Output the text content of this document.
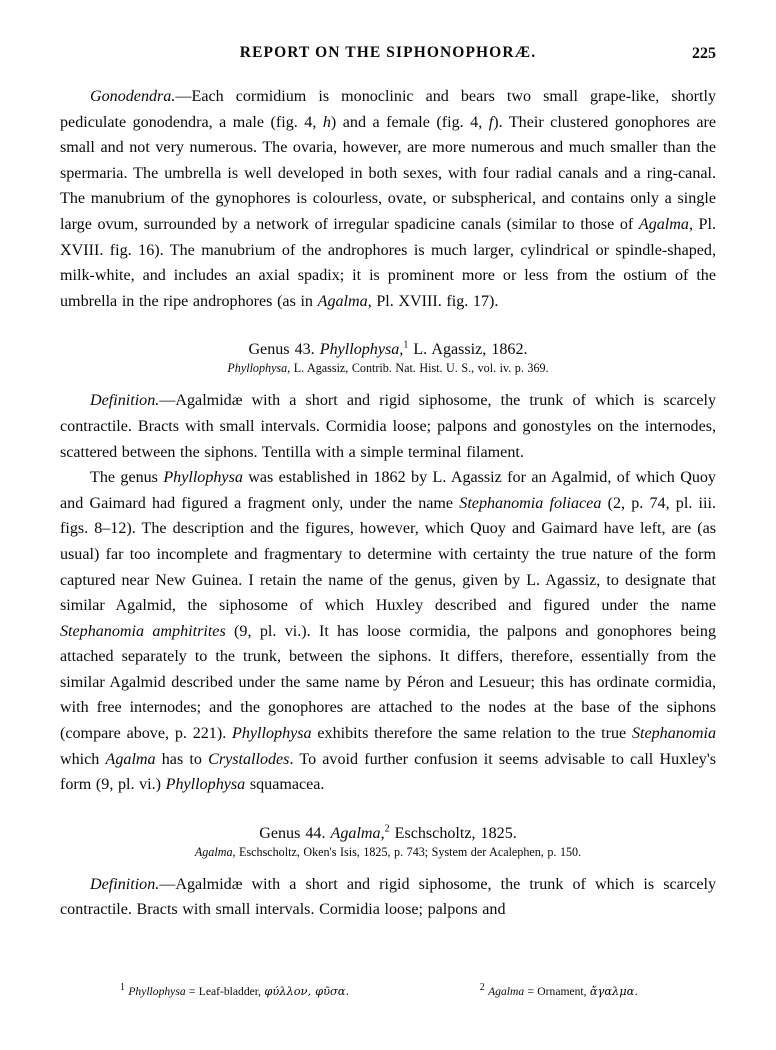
REPORT ON THE SIPHONOPHORÆ.	225

Gonodendra.—Each cormidium is monoclinic and bears two small grape-like, shortly pediculate gonodendra, a male (fig. 4, h) and a female (fig. 4, f). Their clustered gonophores are small and not very numerous. The ovaria, however, are more numerous and much smaller than the spermaria. The umbrella is well developed in both sexes, with four radial canals and a ring-canal. The manubrium of the gynophores is colourless, ovate, or subspherical, and contains only a single large ovum, surrounded by a network of irregular spadicine canals (similar to those of Agalma, Pl. XVIII. fig. 16). The manubrium of the androphores is much larger, cylindrical or spindle-shaped, milk-white, and includes an axial spadix; it is prominent more or less from the ostium of the umbrella in the ripe androphores (as in Agalma, Pl. XVIII. fig. 17).

Genus 43. Phyllophysa,$^1$ L. Agassiz, 1862.
Phyllophysa, L. Agassiz, Contrib. Nat. Hist. U. S., vol. iv. p. 369.

Definition.—Agalmidæ with a short and rigid siphosome, the trunk of which is scarcely contractile. Bracts with small intervals. Cormidia loose; palpons and gonostyles on the internodes, scattered between the siphons. Tentilla with a simple terminal filament.

The genus Phyllophysa was established in 1862 by L. Agassiz for an Agalmid, of which Quoy and Gaimard had figured a fragment only, under the name Stephanomia foliacea (2, p. 74, pl. iii. figs. 8–12). The description and the figures, however, which Quoy and Gaimard have left, are (as usual) far too incomplete and fragmentary to determine with certainty the true nature of the form captured near New Guinea. I retain the name of the genus, given by L. Agassiz, to designate that similar Agalmid, the siphosome of which Huxley described and figured under the name Stephanomia amphitrites (9, pl. vi.). It has loose cormidia, the palpons and gonophores being attached separately to the trunk, between the siphons. It differs, therefore, essentially from the similar Agalmid described under the same name by Péron and Lesueur; this has ordinate cormidia, with free internodes; and the gonophores are attached to the nodes at the base of the siphons (compare above, p. 221). Phyllophysa exhibits therefore the same relation to the true Stephanomia which Agalma has to Crystallodes. To avoid further confusion it seems advisable to call Huxley's form (9, pl. vi.) Phyllophysa squamacea.

Genus 44. Agalma,$^2$ Eschscholtz, 1825.
Agalma, Eschscholtz, Oken's Isis, 1825, p. 743; System der Acalephen, p. 150.

Definition.—Agalmidæ with a short and rigid siphosome, the trunk of which is scarcely contractile. Bracts with small intervals. Cormidia loose; palpons and

$^1$ Phyllophysa = Leaf-bladder, φύλλον, φῦσα.	$^2$ Agalma = Ornament, ἄγαλμα.
